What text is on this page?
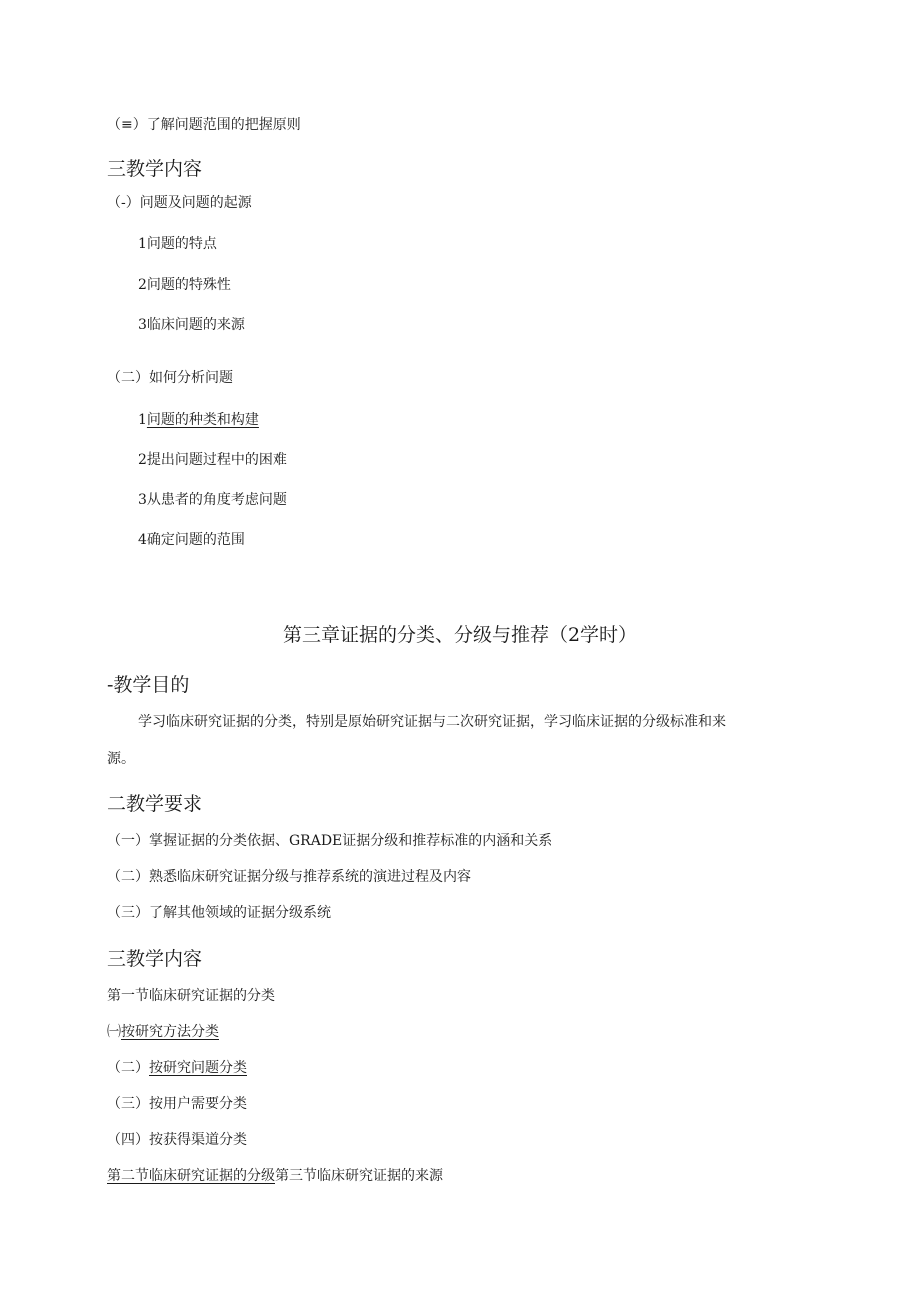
（≡）了解问题范围的把握原则
三教学内容
（-）问题及问题的起源
1问题的特点
2问题的特殊性
3临床问题的来源
（二）如何分析问题
1问题的种类和构建
2提出问题过程中的困难
3从患者的角度考虑问题
4确定问题的范围
第三章证据的分类、分级与推荐（2学时）
-教学目的
学习临床研究证据的分类，特别是原始研究证据与二次研究证据，学习临床证据的分级标准和来
源。
二教学要求
（一）掌握证据的分类依据、GRADE证据分级和推荐标准的内涵和关系
（二）熟悉临床研究证据分级与推荐系统的演进过程及内容
（三）了解其他领域的证据分级系统
三教学内容
第一节临床研究证据的分类
㈠按研究方法分类
（二）按研究问题分类
（三）按用户需要分类
（四）按获得渠道分类
第二节临床研究证据的分级第三节临床研究证据的来源
